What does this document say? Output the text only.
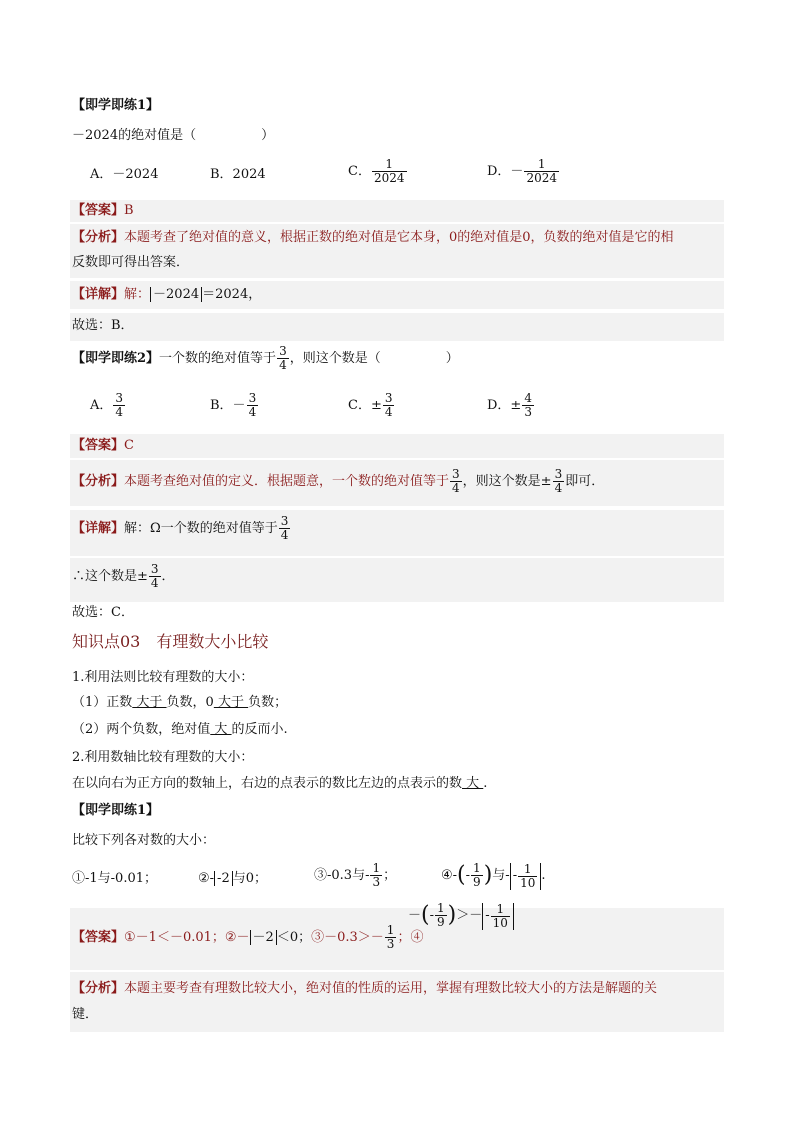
【即学即练1】
－2024的绝对值是（　　　　　）
A．－2024	B．2024	C． $\frac{1}{2024}$	D．－ $\frac{1}{2024}$
【答案】B
【分析】本题考查了绝对值的意义，根据正数的绝对值是它本身，0的绝对值是0，负数的绝对值是它的相
反数即可得出答案．
【详解】解： －2024 ＝2024，
故选：B．
【即学即练2】一个数的绝对值等于 $\frac{3}{4}$ ，则这个数是（　　　　　）
A． $\frac{3}{4}$	B．－ $\frac{3}{4}$	C．± $\frac{3}{4}$	D．± $\frac{4}{3}$
【答案】C
【分析】本题考查绝对值的定义．根据题意，一个数的绝对值等于 $\frac{3}{4}$ ，则这个数是± $\frac{3}{4}$ 即可．
【详解】解：Ω一个数的绝对值等于 $\frac{3}{4}$
∴这个数是± $\frac{3}{4}$ ．
故选：C．
知识点03　有理数大小比较
1.利用法则比较有理数的大小：
（1）正数 大于 负数，0 大于 负数；
（2）两个负数，绝对值 大 的反而小.
2.利用数轴比较有理数的大小：
在以向右为正方向的数轴上，右边的点表示的数比左边的点表示的数 大 .
【即学即练1】
比较下列各对数的大小：
①-1与-0.01；	②- -2 与0；	③-0.3与- $\frac{1}{3}$ ；	④-(- $\frac{1}{9}$ )与- - $\frac{1}{10}$ .
【答案】①－1＜－0.01；②－ －2 ＜0；③－0.3＞－ $\frac{1}{3}$ ；④
－(- $\frac{1}{9}$ )＞－ - $\frac{1}{10}$
【分析】本题主要考查有理数比较大小，绝对值的性质的运用，掌握有理数比较大小的方法是解题的关
键．
